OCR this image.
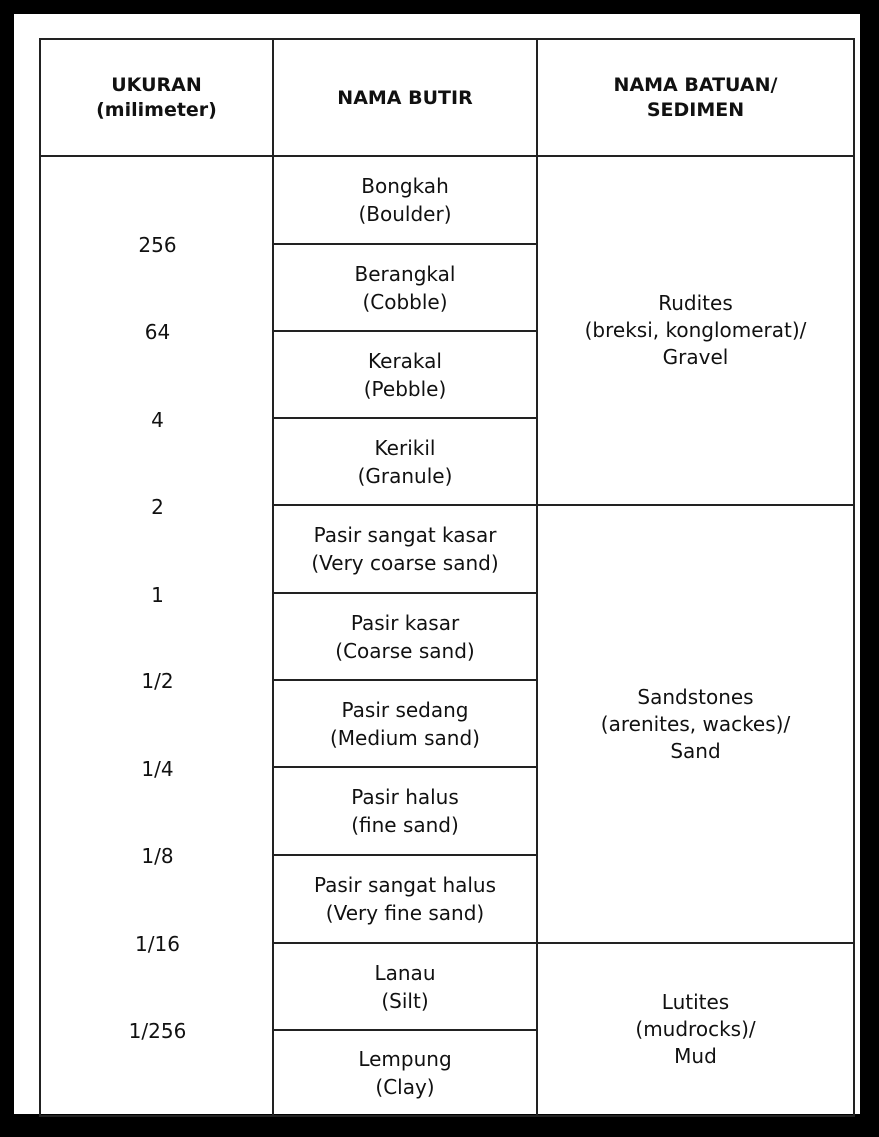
UKURAN
(milimeter)
NAMA BUTIR
NAMA BATUAN/
SEDIMEN
256
64
4
2
1
1/2
1/4
1/8
1/16
1/256
Bongkah
(Boulder)
Berangkal
(Cobble)
Kerakal
(Pebble)
Kerikil
(Granule)
Pasir sangat kasar
(Very coarse sand)
Pasir kasar
(Coarse sand)
Pasir sedang
(Medium sand)
Pasir halus
(fine sand)
Pasir sangat halus
(Very fine sand)
Lanau
(Silt)
Lempung
(Clay)
Rudites
(breksi, konglomerat)/
Gravel
Sandstones
(arenites, wackes)/
Sand
Lutites
(mudrocks)/
Mud
